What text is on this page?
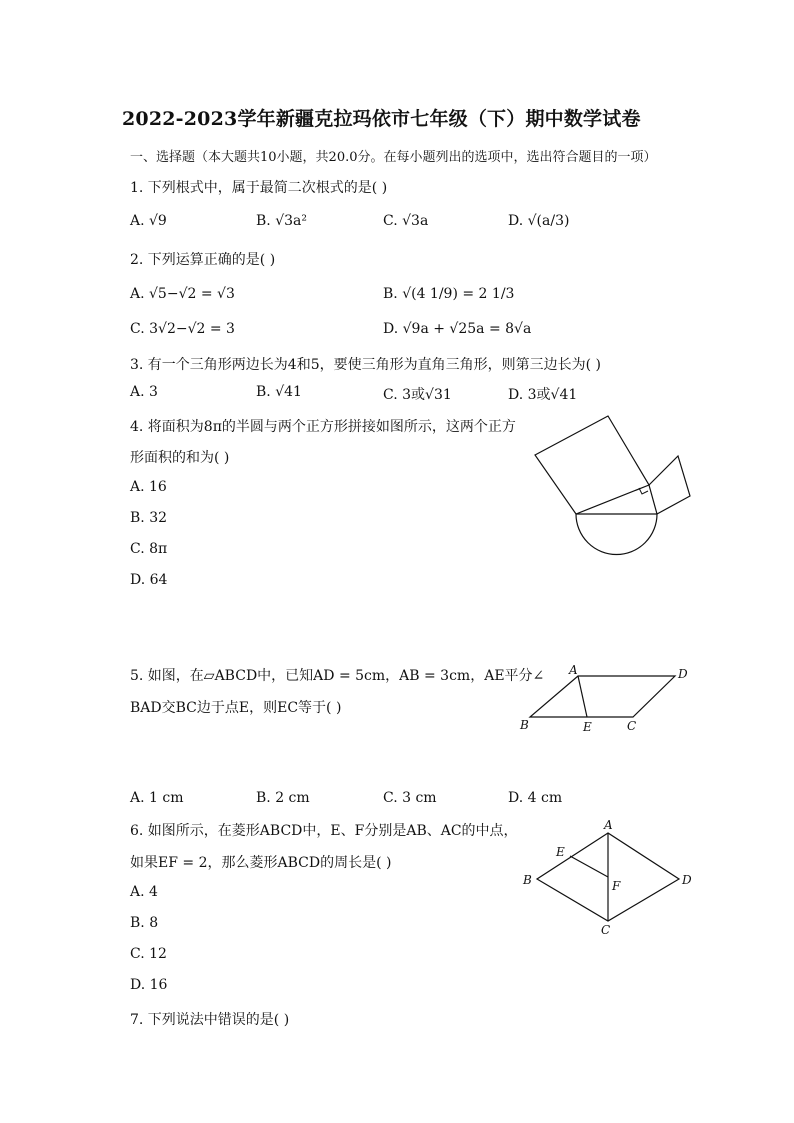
2022-2023学年新疆克拉玛依市七年级（下）期中数学试卷
一、选择题（本大题共10小题，共20.0分。在每小题列出的选项中，选出符合题目的一项）
1. 下列根式中，属于最简二次根式的是( )
A. √9	B. √3a²	C. √3a	D. √(a/3)
2. 下列运算正确的是( )
A. √5−√2 = √3	B. √(4 1/9) = 2 1/3
C. 3√2−√2 = 3	D. √9a + √25a = 8√a
3. 有一个三角形两边长为4和5，要使三角形为直角三角形，则第三边长为( )
A. 3	B. √41	C. 3或√31	D. 3或√41
4. 将面积为8π的半圆与两个正方形拼接如图所示，这两个正方
形面积的和为( )
A. 16
B. 32
C. 8π
D. 64
5. 如图，在▱ABCD中，已知AD = 5cm，AB = 3cm，AE平分∠
BAD交BC边于点E，则EC等于( )
A. 1 cm	B. 2 cm	C. 3 cm	D. 4 cm
A	D
B	E	C
6. 如图所示，在菱形ABCD中，E、F分别是AB、AC的中点，
如果EF = 2，那么菱形ABCD的周长是( )
A. 4
B. 8
C. 12
D. 16
A
E
B	F	D
C
7. 下列说法中错误的是( )
